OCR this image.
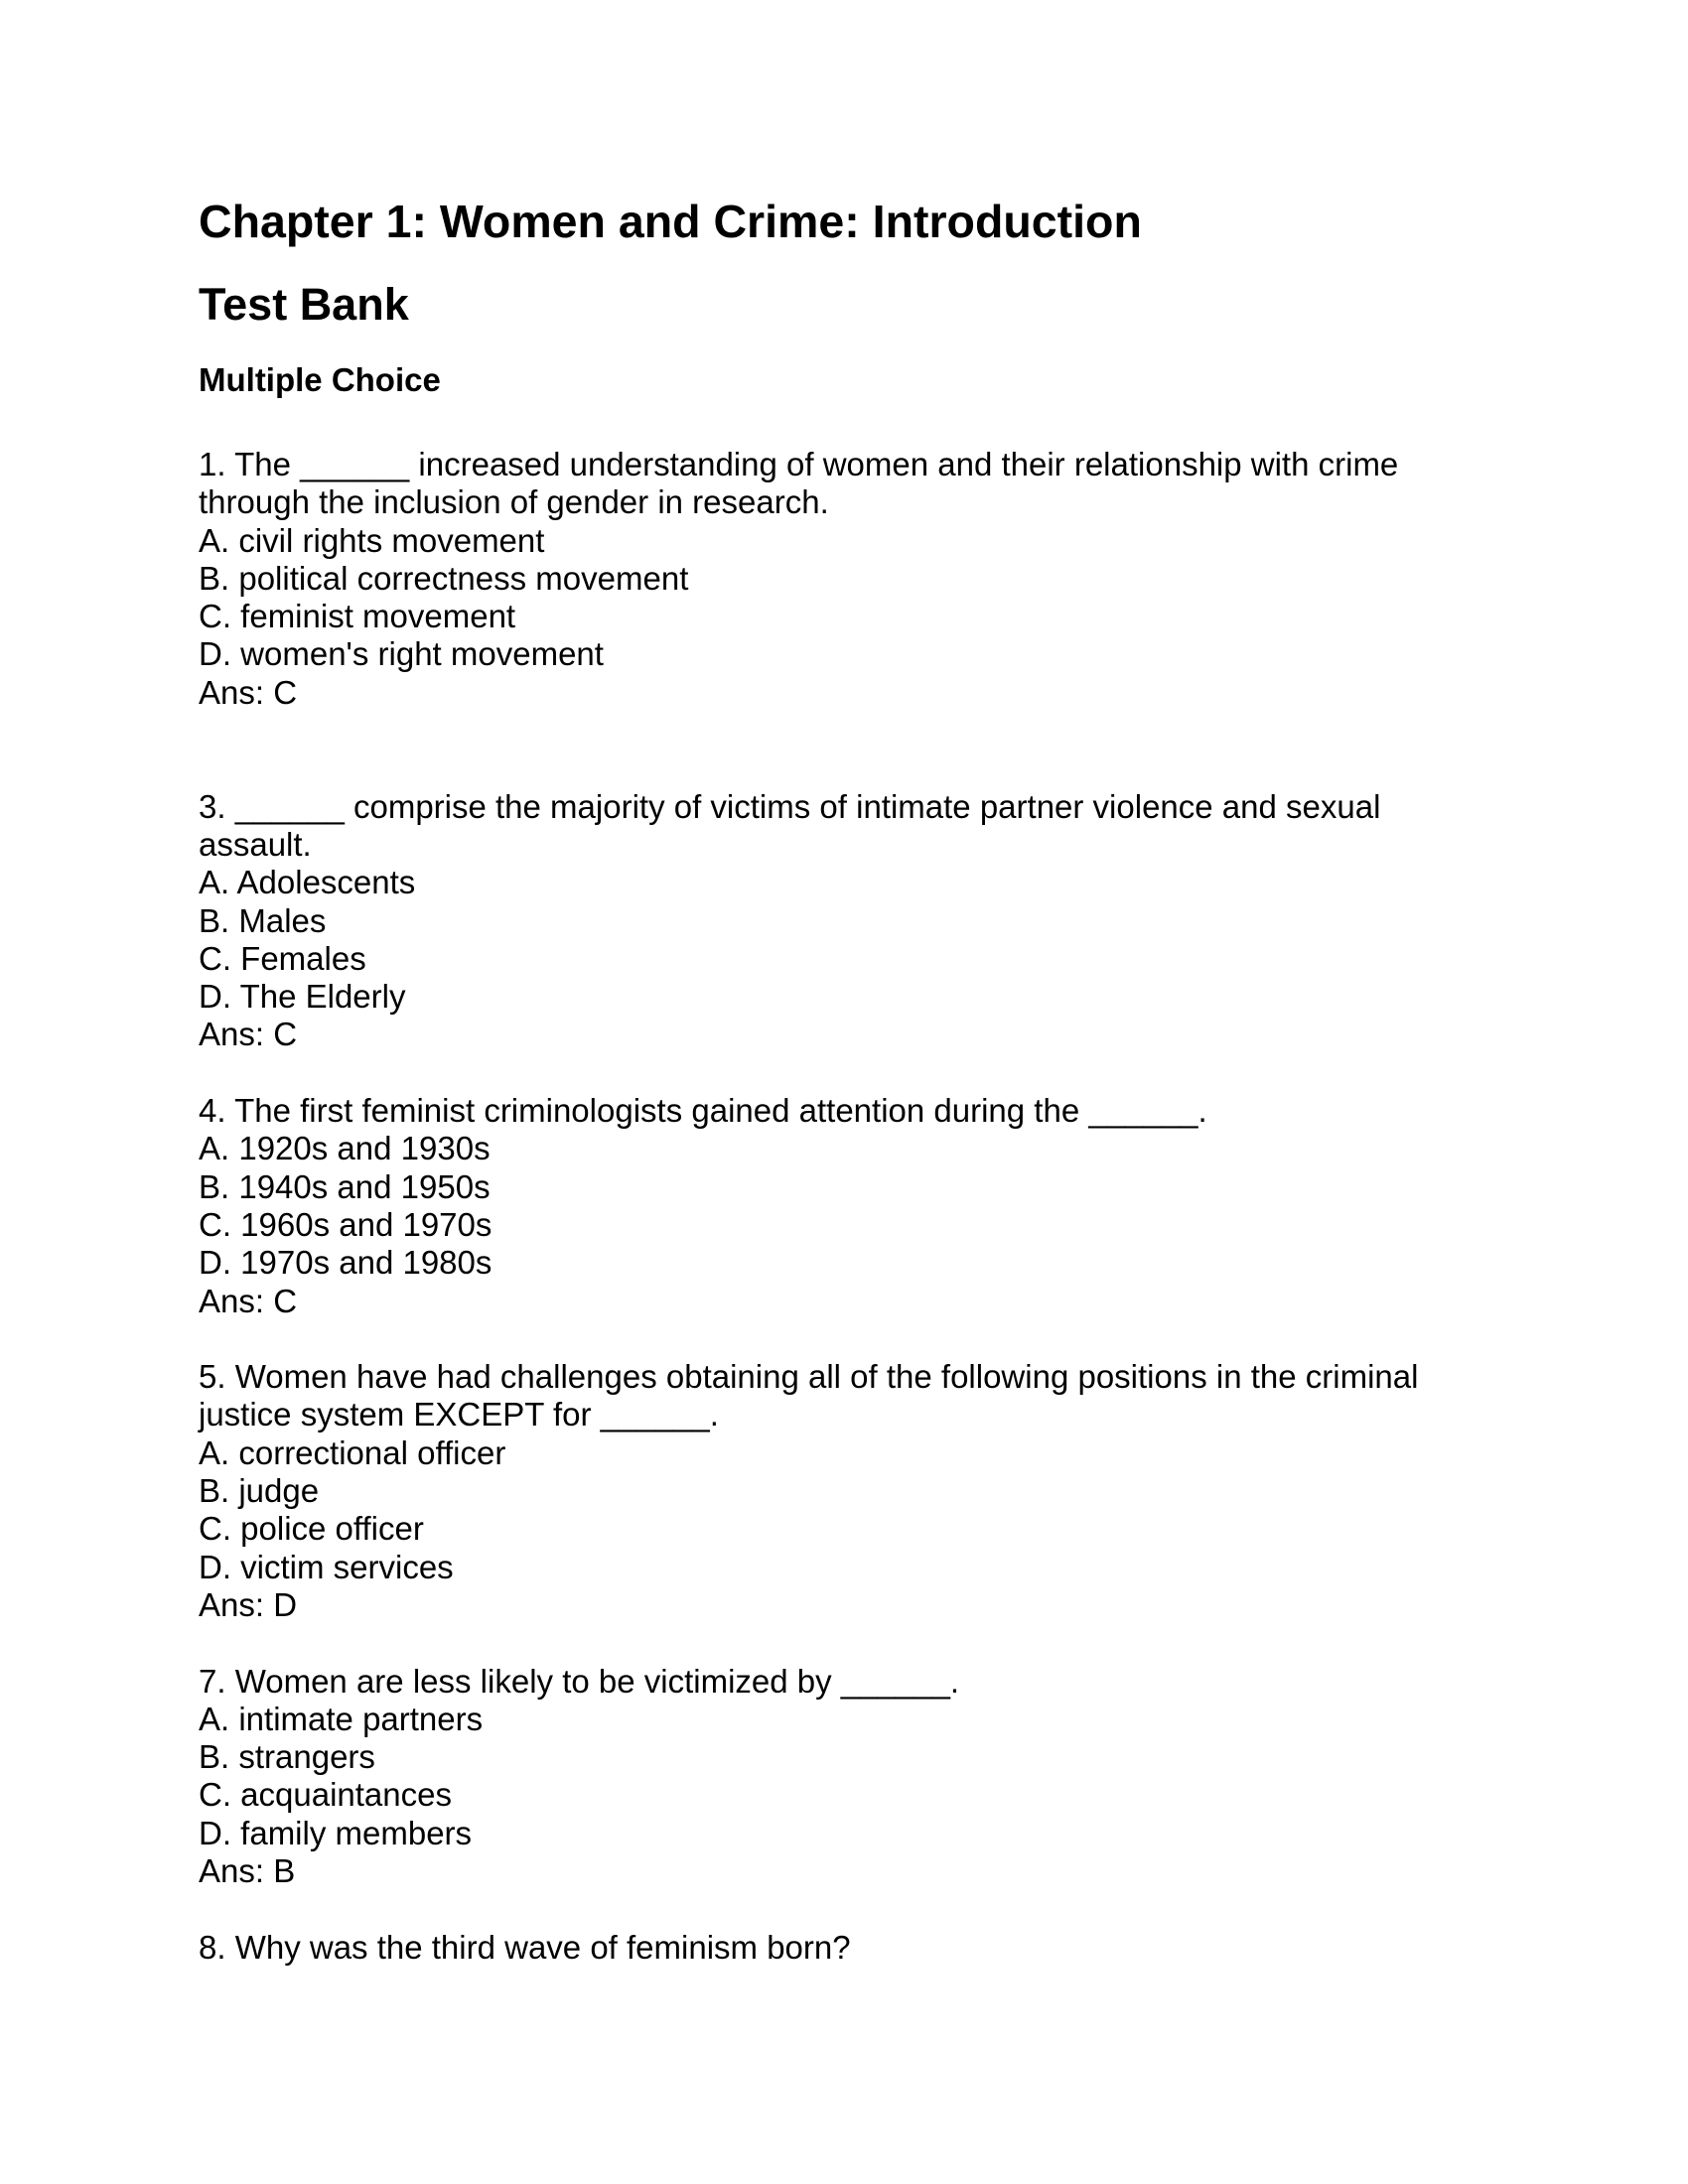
Chapter 1: Women and Crime: Introduction
Test Bank
Multiple Choice
1. The ______ increased understanding of women and their relationship with crime
through the inclusion of gender in research.
A. civil rights movement
B. political correctness movement
C. feminist movement
D. women's right movement
Ans: C
3. ______ comprise the majority of victims of intimate partner violence and sexual
assault.
A. Adolescents
B. Males
C. Females
D. The Elderly
Ans: C
4. The first feminist criminologists gained attention during the ______.
A. 1920s and 1930s
B. 1940s and 1950s
C. 1960s and 1970s
D. 1970s and 1980s
Ans: C
5. Women have had challenges obtaining all of the following positions in the criminal
justice system EXCEPT for ______.
A. correctional officer
B. judge
C. police officer
D. victim services
Ans: D
7. Women are less likely to be victimized by ______.
A. intimate partners
B. strangers
C. acquaintances
D. family members
Ans: B
8. Why was the third wave of feminism born?
